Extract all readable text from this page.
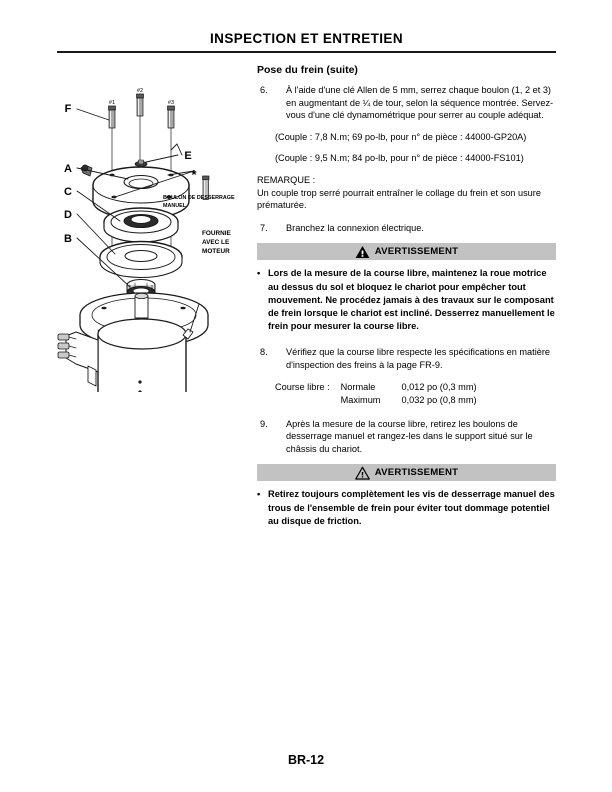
INSPECTION ET ENTRETIEN
F
A
C
D
B
E
*
#1
#2
#3
BOULON DE DESSERRAGE
MANUEL
FOURNIE
AVEC LE
MOTEUR
Pose du frein (suite)
6. À l'aide d'une clé Allen de 5 mm, serrez chaque boulon (1, 2 et 3) en augmentant de ¼ de tour, selon la séquence montrée. Servez-vous d'une clé dynamométrique pour serrer au couple adéquat.
(Couple : 7,8 N.m; 69 po-lb, pour n° de pièce : 44000-GP20A)
(Couple : 9,5 N.m; 84 po-lb, pour n° de pièce : 44000-FS101)
REMARQUE :
Un couple trop serré pourrait entraîner le collage du frein et son usure prématurée.
7. Branchez la connexion électrique.
AVERTISSEMENT
• Lors de la mesure de la course libre, maintenez la roue motrice au dessus du sol et bloquez le chariot pour empêcher tout mouvement. Ne procédez jamais à des travaux sur le composant de frein lorsque le chariot est incliné. Desserrez manuellement le frein pour mesurer la course libre.
8. Vérifiez que la course libre respecte les spécifications en matière d'inspection des freins à la page FR-9.
Course libre :	Normale	0,012 po (0,3 mm)
	Maximum	0,032 po (0,8 mm)
9. Après la mesure de la course libre, retirez les boulons de desserrage manuel et rangez-les dans le support situé sur le châssis du chariot.
AVERTISSEMENT
• Retirez toujours complètement les vis de desserrage manuel des trous de l'ensemble de frein pour éviter tout dommage potentiel au disque de friction.
BR-12
